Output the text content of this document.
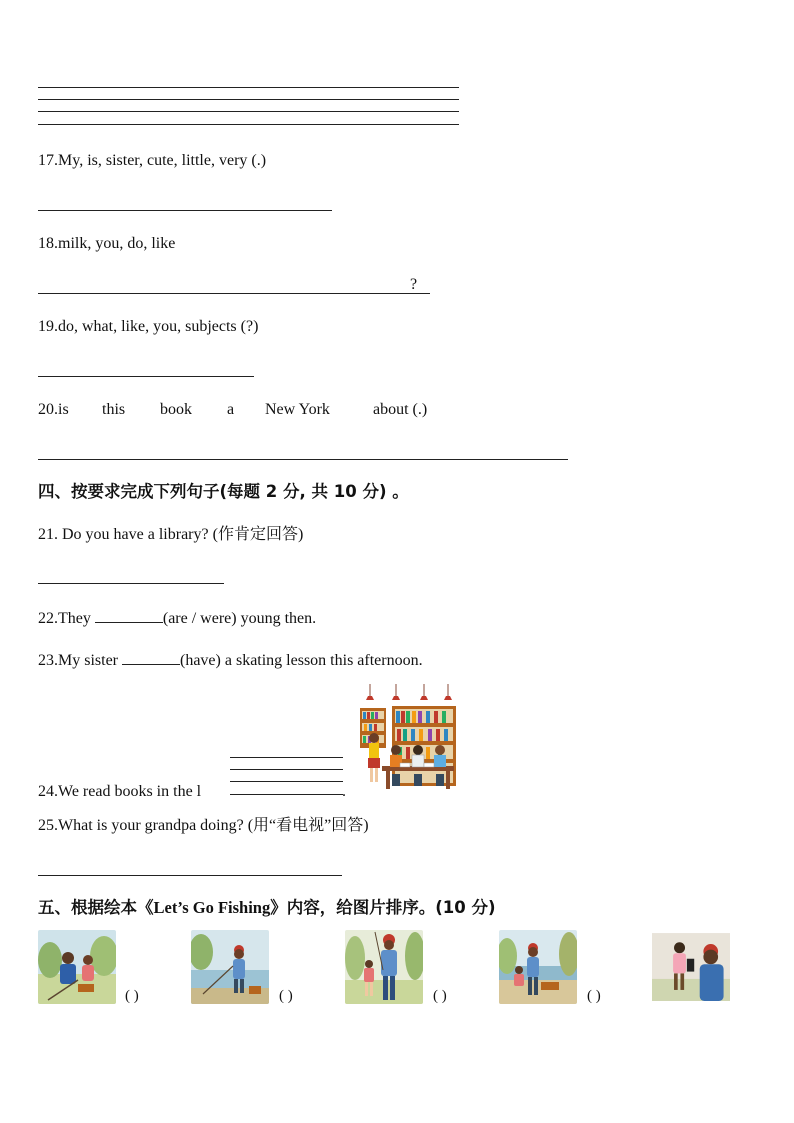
17.My, is, sister, cute, little, very (.)
18.milk, you, do, like
?
19.do, what, like, you, subjects (?)
20.is this book a New York	about (.)
四、按要求完成下列句子(每题 2 分, 共 10 分) 。
21. Do you have a library? (作肯定回答)
22.They	(are / were) young then.
23.My sister	(have) a skating lesson this afternoon.
24.We read books in the l	.
25.What is your grandpa doing? (用“看电视”回答)
五、根据绘本《Let’s Go Fishing》内容，给图片排序。(10 分)
( )	( )	( )	( )
